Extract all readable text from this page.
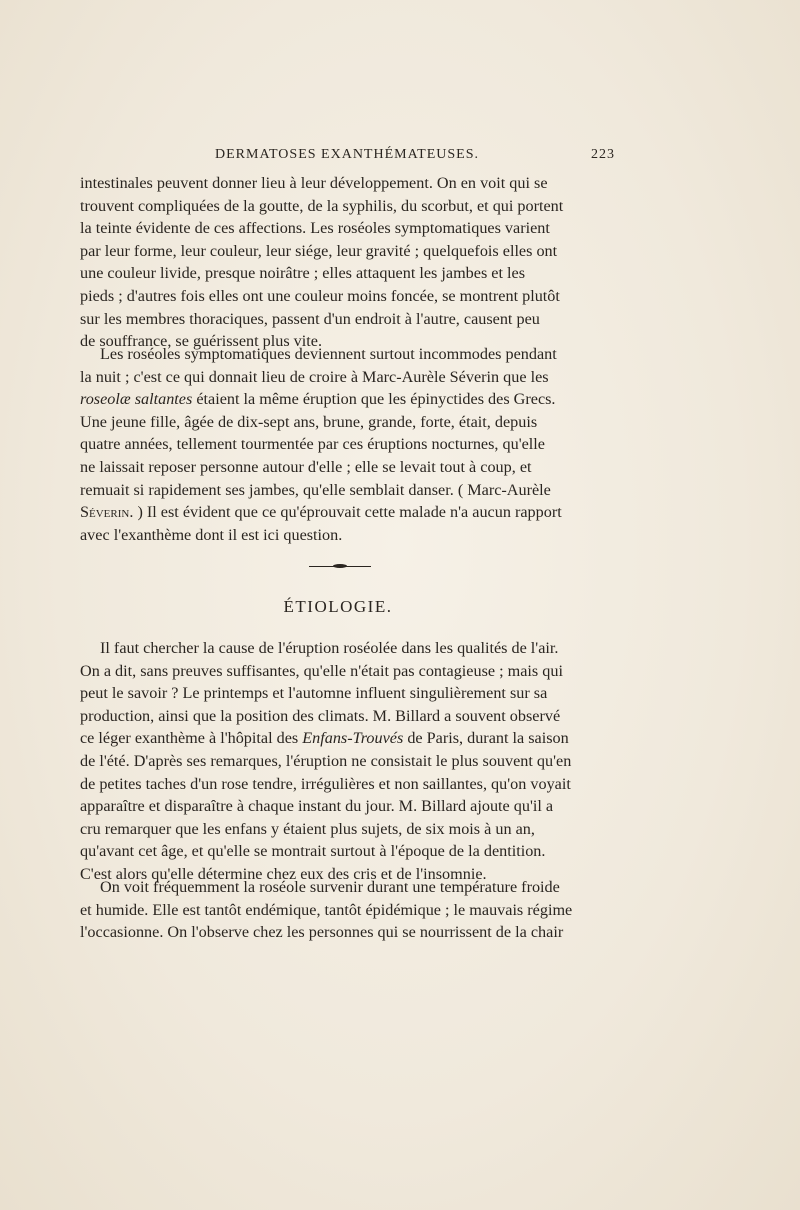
DERMATOSES EXANTHÉMATEUSES.	223

intestinales peuvent donner lieu à leur développement. On en voit qui se

trouvent compliquées de la goutte, de la syphilis, du scorbut, et qui portent

la teinte évidente de ces affections. Les roséoles symptomatiques varient

par leur forme, leur couleur, leur siége, leur gravité ; quelquefois elles ont

une couleur livide, presque noirâtre ; elles attaquent les jambes et les

pieds ; d'autres fois elles ont une couleur moins foncée, se montrent plutôt

sur les membres thoraciques, passent d'un endroit à l'autre, causent peu

de souffrance, se guérissent plus vite.

Les roséoles symptomatiques deviennent surtout incommodes pendant

la nuit ; c'est ce qui donnait lieu de croire à Marc-Aurèle Séverin que les

roseolæ saltantes étaient la même éruption que les épinyctides des Grecs.

Une jeune fille, âgée de dix-sept ans, brune, grande, forte, était, depuis

quatre années, tellement tourmentée par ces éruptions nocturnes, qu'elle

ne laissait reposer personne autour d'elle ; elle se levait tout à coup, et

remuait si rapidement ses jambes, qu'elle semblait danser. ( Marc-Aurèle

Séverin. ) Il est évident que ce qu'éprouvait cette malade n'a aucun rapport

avec l'exanthème dont il est ici question.

ÉTIOLOGIE.

Il faut chercher la cause de l'éruption roséolée dans les qualités de l'air.

On a dit, sans preuves suffisantes, qu'elle n'était pas contagieuse ; mais qui

peut le savoir ? Le printemps et l'automne influent singulièrement sur sa

production, ainsi que la position des climats. M. Billard a souvent observé

ce léger exanthème à l'hôpital des Enfans-Trouvés de Paris, durant la saison

de l'été. D'après ses remarques, l'éruption ne consistait le plus souvent qu'en

de petites taches d'un rose tendre, irrégulières et non saillantes, qu'on voyait

apparaître et disparaître à chaque instant du jour. M. Billard ajoute qu'il a

cru remarquer que les enfans y étaient plus sujets, de six mois à un an,

qu'avant cet âge, et qu'elle se montrait surtout à l'époque de la dentition.

C'est alors qu'elle détermine chez eux des cris et de l'insomnie.

On voit fréquemment la roséole survenir durant une température froide

et humide. Elle est tantôt endémique, tantôt épidémique ; le mauvais régime

l'occasionne. On l'observe chez les personnes qui se nourrissent de la chair
